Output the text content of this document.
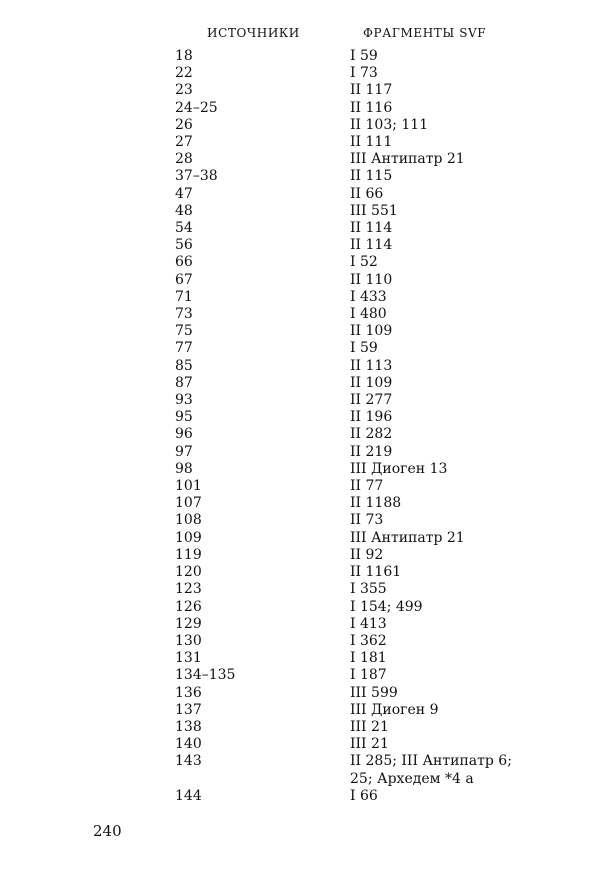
ИСТОЧНИКИ	ФРАГМЕНТЫ SVF
18	I 59
22	I 73
23	II 117
24–25	II 116
26	II 103; 111
27	II 111
28	III Антипатр 21
37–38	II 115
47	II 66
48	III 551
54	II 114
56	II 114
66	I 52
67	II 110
71	I 433
73	I 480
75	II 109
77	I 59
85	II 113
87	II 109
93	II 277
95	II 196
96	II 282
97	II 219
98	III Диоген 13
101	II 77
107	II 1188
108	II 73
109	III Антипатр 21
119	II 92
120	II 1161
123	I 355
126	I 154; 499
129	I 413
130	I 362
131	I 181
134–135	I 187
136	III 599
137	III Диоген 9
138	III 21
140	III 21
143	II 285; III Антипатр 6;
25; Архедем *4 а
144	I 66
240
